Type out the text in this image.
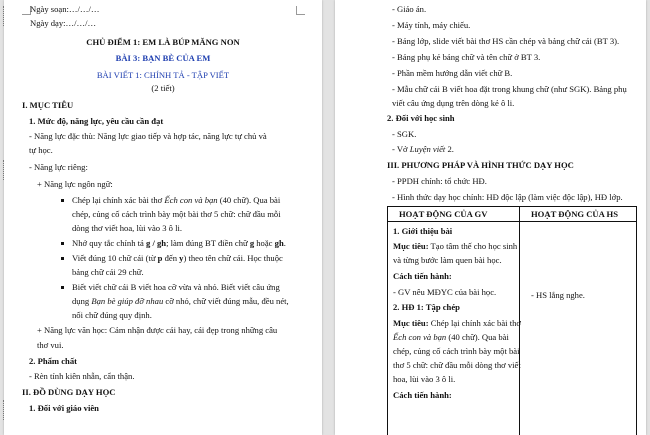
Ngày soạn:…/…/…
Ngày dạy:…/…/…
CHỦ ĐIỂM 1: EM LÀ BÚP MĂNG NON
BÀI 3: BẠN BÈ CỦA EM
BÀI VIẾT 1: CHÍNH TẢ - TẬP VIẾT
(2 tiết)
I. MỤC TIÊU
1. Mức độ, năng lực, yêu cầu cần đạt
- Năng lực đặc thù: Năng lực giao tiếp và hợp tác, năng lực tự chủ và
tự học.
- Năng lực riêng:
+ Năng lực ngôn ngữ:
Chép lại chính xác bài thơ Ếch con và bạn (40 chữ). Qua bài
chép, củng cố cách trình bày một bài thơ 5 chữ: chữ đầu mỗi
dòng thơ viết hoa, lùi vào 3 ô li.
Nhớ quy tắc chính tả g / gh; làm đúng BT điền chữ g hoặc gh.
Viết đúng 10 chữ cái (từ p đến y) theo tên chữ cái. Học thuộc
bảng chữ cái 29 chữ.
Biết viết chữ cái B viết hoa cỡ vừa và nhỏ. Biết viết câu ứng
dụng Bạn bè giúp đỡ nhau cỡ nhỏ, chữ viết đúng mẫu, đều nét,
nối chữ đúng quy định.
+ Năng lực văn học: Cảm nhận được cái hay, cái đẹp trong những câu
thơ vui.
2. Phẩm chất
- Rèn tính kiên nhẫn, cẩn thận.
II. ĐỒ DÙNG DẠY HỌC
1. Đối với giáo viên
- Giáo án.
- Máy tính, máy chiếu.
- Bảng lớp, slide viết bài thơ HS cần chép và bảng chữ cái (BT 3).
- Bảng phụ kẻ bảng chữ và tên chữ ở BT 3.
- Phần mềm hướng dẫn viết chữ B.
- Mẫu chữ cái B viết hoa đặt trong khung chữ (như SGK). Bảng phụ
viết câu ứng dụng trên dòng kẻ ô li.
2. Đối với học sinh
- SGK.
- Vở Luyện viết 2.
III. PHƯƠNG PHÁP VÀ HÌNH THỨC DẠY HỌC
- PPDH chính: tổ chức HĐ.
- Hình thức dạy học chính: HĐ độc lập (làm việc độc lập), HĐ lớp.
HOẠT ĐỘNG CỦA GV	HOẠT ĐỘNG CỦA HS
1. Giới thiệu bài
Mục tiêu: Tạo tâm thế cho học sinh
và từng bước làm quen bài học.
Cách tiến hành:
- GV nêu MĐYC của bài học.	- HS lắng nghe.
2. HĐ 1: Tập chép
Mục tiêu: Chép lại chính xác bài thơ
Ếch con và bạn (40 chữ). Qua bài
chép, củng cố cách trình bày một bài
thơ 5 chữ: chữ đầu mỗi dòng thơ viết
hoa, lùi vào 3 ô li.
Cách tiến hành:
